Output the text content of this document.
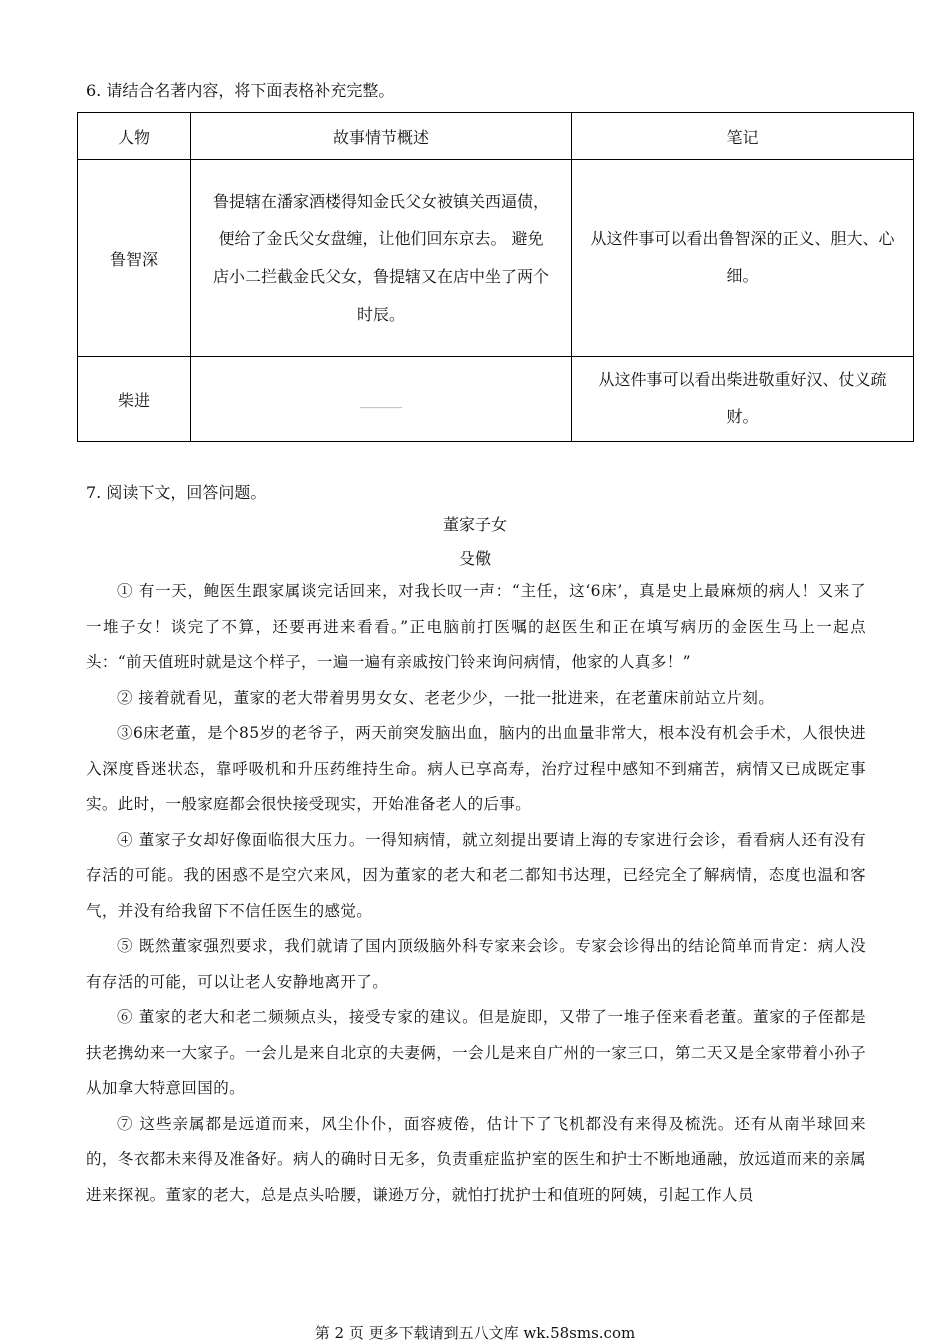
6. 请结合名著内容，将下面表格补充完整。
人物	故事情节概述	笔记
鲁智深	鲁提辖在潘家酒楼得知金氏父女被镇关西逼债，
便给了金氏父女盘缠，让他们回东京去。 避免
店小二拦截金氏父女，鲁提辖又在店中坐了两个
时辰。	从这件事可以看出鲁智深的正义、胆大、心细。
柴进	______	从这件事可以看出柴进敬重好汉、仗义疏财。
7. 阅读下文，回答问题。
董家子女
殳儆

① 有一天，鲍医生跟家属谈完话回来，对我长叹一声：“主任，这‘6床’，真是史上最麻烦的病人！又来了一堆子女！谈完了不算，还要再进来看看。”正电脑前打医嘱的赵医生和正在填写病历的金医生马上一起点头：“前天值班时就是这个样子，一遍一遍有亲戚按门铃来询问病情，他家的人真多！”

② 接着就看见，董家的老大带着男男女女、老老少少，一批一批进来，在老董床前站立片刻。

③6床老董，是个85岁的老爷子，两天前突发脑出血，脑内的出血量非常大，根本没有机会手术，人很快进入深度昏迷状态，靠呼吸机和升压药维持生命。病人已享高寿，治疗过程中感知不到痛苦，病情又已成既定事实。此时，一般家庭都会很快接受现实，开始准备老人的后事。

④ 董家子女却好像面临很大压力。一得知病情，就立刻提出要请上海的专家进行会诊，看看病人还有没有存活的可能。我的困惑不是空穴来风，因为董家的老大和老二都知书达理，已经完全了解病情，态度也温和客气，并没有给我留下不信任医生的感觉。

⑤ 既然董家强烈要求，我们就请了国内顶级脑外科专家来会诊。专家会诊得出的结论简单而肯定：病人没有存活的可能，可以让老人安静地离开了。

⑥ 董家的老大和老二频频点头，接受专家的建议。但是旋即，又带了一堆子侄来看老董。董家的子侄都是扶老携幼来一大家子。一会儿是来自北京的夫妻俩，一会儿是来自广州的一家三口，第二天又是全家带着小孙子从加拿大特意回国的。

⑦ 这些亲属都是远道而来，风尘仆仆，面容疲倦，估计下了飞机都没有来得及梳洗。还有从南半球回来的，冬衣都未来得及准备好。病人的确时日无多，负责重症监护室的医生和护士不断地通融，放远道而来的亲属进来探视。董家的老大，总是点头哈腰，谦逊万分，就怕打扰护士和值班的阿姨，引起工作人员

第 2 页 更多下载请到五八文库 wk.58sms.com
